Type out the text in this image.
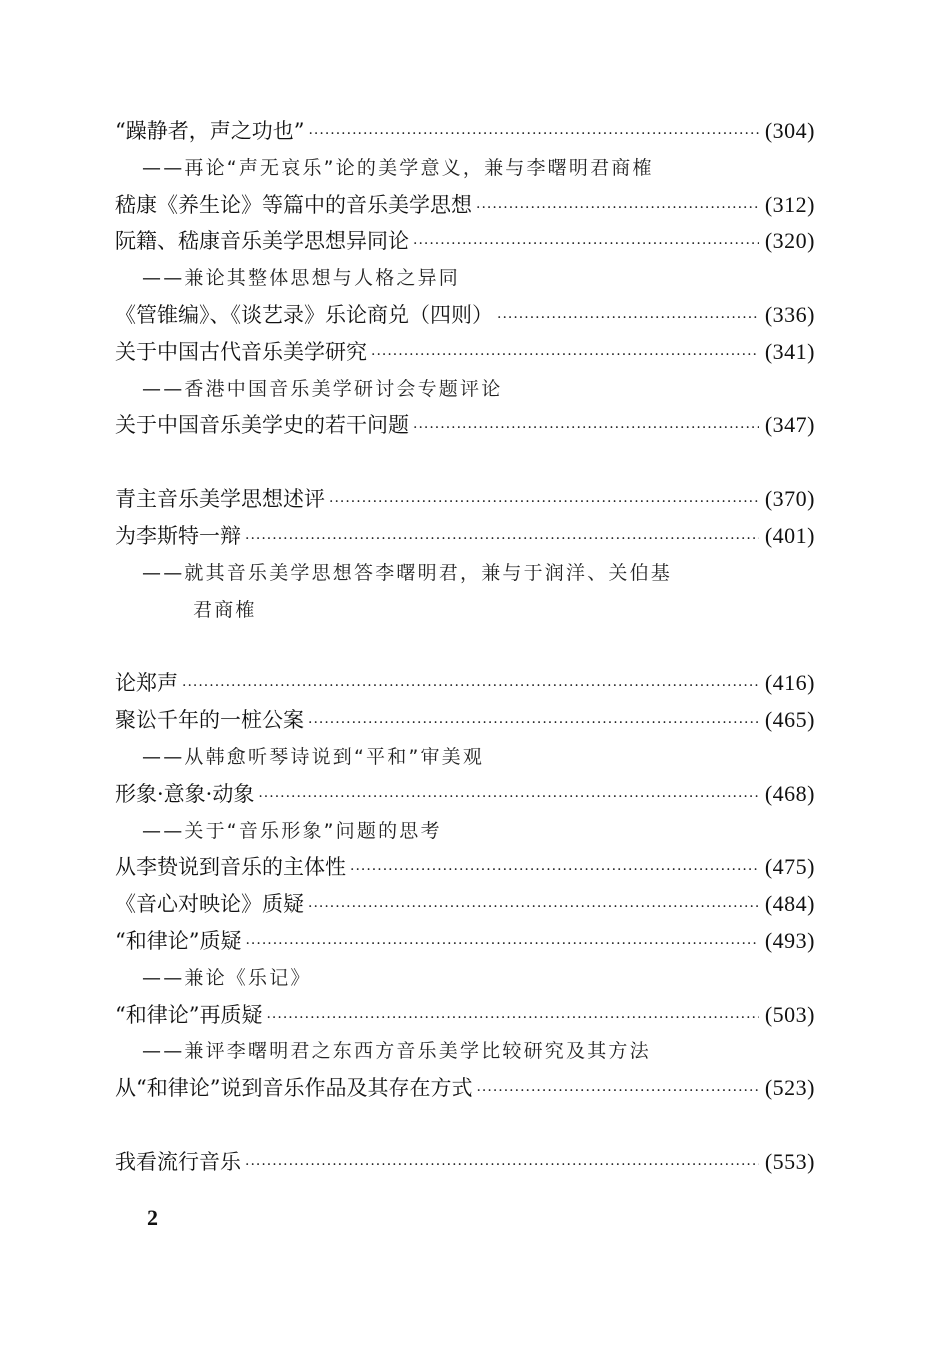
“躁静者，声之功也” ·····	(304)
——再论“声无哀乐”论的美学意义，兼与李曙明君商榷
嵇康《养生论》等篇中的音乐美学思想 ·····	(312)
阮籍、嵇康音乐美学思想异同论 ·····	(320)
——兼论其整体思想与人格之异同
《管锥编》、《谈艺录》乐论商兑（四则） ·····	(336)
关于中国古代音乐美学研究 ·····	(341)
——香港中国音乐美学研讨会专题评论
关于中国音乐美学史的若干问题 ·····	(347)
青主音乐美学思想述评 ·····	(370)
为李斯特一辩 ·····	(401)
——就其音乐美学思想答李曙明君，兼与于润洋、关伯基
君商榷
论郑声 ·····	(416)
聚讼千年的一桩公案 ·····	(465)
——从韩愈听琴诗说到“平和”审美观
形象·意象·动象 ·····	(468)
——关于“音乐形象”问题的思考
从李贽说到音乐的主体性 ·····	(475)
《音心对映论》质疑 ·····	(484)
“和律论”质疑 ·····	(493)
——兼论《乐记》
“和律论”再质疑 ·····	(503)
——兼评李曙明君之东西方音乐美学比较研究及其方法
从“和律论”说到音乐作品及其存在方式 ·····	(523)
我看流行音乐 ·····	(553)
2
